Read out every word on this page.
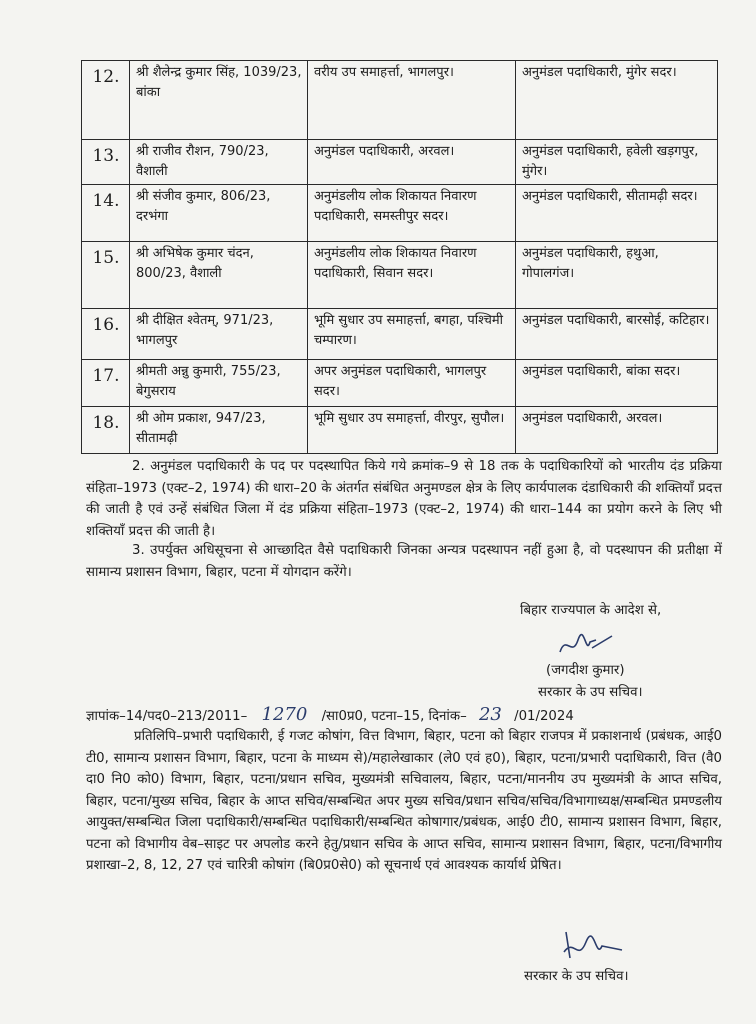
12.	श्री शैलेन्द्र कुमार सिंह, 1039/23, बांका	वरीय उप समाहर्त्ता, भागलपुर।	अनुमंडल पदाधिकारी, मुंगेर सदर।
13.	श्री राजीव रौशन, 790/23, वैशाली	अनुमंडल पदाधिकारी, अरवल।	अनुमंडल पदाधिकारी, हवेली खड़गपुर, मुंगेर।
14.	श्री संजीव कुमार, 806/23, दरभंगा	अनुमंडलीय लोक शिकायत निवारण पदाधिकारी, समस्तीपुर सदर।	अनुमंडल पदाधिकारी, सीतामढ़ी सदर।
15.	श्री अभिषेक कुमार चंदन, 800/23, वैशाली	अनुमंडलीय लोक शिकायत निवारण पदाधिकारी, सिवान सदर।	अनुमंडल पदाधिकारी, हथुआ, गोपालगंज।
16.	श्री दीक्षित श्वेतम्, 971/23, भागलपुर	भूमि सुधार उप समाहर्त्ता, बगहा, पश्चिमी चम्पारण।	अनुमंडल पदाधिकारी, बारसोई, कटिहार।
17.	श्रीमती अन्नु कुमारी, 755/23, बेगुसराय	अपर अनुमंडल पदाधिकारी, भागलपुर सदर।	अनुमंडल पदाधिकारी, बांका सदर।
18.	श्री ओम प्रकाश, 947/23, सीतामढ़ी	भूमि सुधार उप समाहर्त्ता, वीरपुर, सुपौल।	अनुमंडल पदाधिकारी, अरवल।
2. अनुमंडल पदाधिकारी के पद पर पदस्थापित किये गये क्रमांक–9 से 18 तक के पदाधिकारियों को भारतीय दंड प्रक्रिया संहिता–1973 (एक्ट–2, 1974) की धारा–20 के अंतर्गत संबंधित अनुमण्डल क्षेत्र के लिए कार्यपालक दंडाधिकारी की शक्तियाँ प्रदत्त की जाती है एवं उन्हें संबंधित जिला में दंड प्रक्रिया संहिता–1973 (एक्ट–2, 1974) की धारा–144 का प्रयोग करने के लिए भी शक्तियाँ प्रदत्त की जाती है।
3. उपर्युक्त अधिसूचना से आच्छादित वैसे पदाधिकारी जिनका अन्यत्र पदस्थापन नहीं हुआ है, वो पदस्थापन की प्रतीक्षा में सामान्य प्रशासन विभाग, बिहार, पटना में योगदान करेंगे।
बिहार राज्यपाल के आदेश से,
(जगदीश कुमार)
सरकार के उप सचिव।
ज्ञापांक–14/पद0–213/2011– 1270 /सा0प्र0, पटना–15, दिनांक– 23 /01/2024
प्रतिलिपि–प्रभारी पदाधिकारी, ई गजट कोषांग, वित्त विभाग, बिहार, पटना को बिहार राजपत्र में प्रकाशनार्थ (प्रबंधक, आई0 टी0, सामान्य प्रशासन विभाग, बिहार, पटना के माध्यम से)/महालेखाकार (ले0 एवं ह0), बिहार, पटना/प्रभारी पदाधिकारी, वित्त (वै0 दा0 नि0 को0) विभाग, बिहार, पटना/प्रधान सचिव, मुख्यमंत्री सचिवालय, बिहार, पटना/माननीय उप मुख्यमंत्री के आप्त सचिव, बिहार, पटना/मुख्य सचिव, बिहार के आप्त सचिव/सम्बन्धित अपर मुख्य सचिव/प्रधान सचिव/सचिव/विभागाध्यक्ष/सम्बन्धित प्रमण्डलीय आयुक्त/सम्बन्धित जिला पदाधिकारी/सम्बन्धित पदाधिकारी/सम्बन्धित कोषागार/प्रबंधक, आई0 टी0, सामान्य प्रशासन विभाग, बिहार, पटना को विभागीय वेब–साइट पर अपलोड करने हेतु/प्रधान सचिव के आप्त सचिव, सामान्य प्रशासन विभाग, बिहार, पटना/विभागीय प्रशाखा–2, 8, 12, 27 एवं चारित्री कोषांग (बि0प्र0से0) को सूचनार्थ एवं आवश्यक कार्यार्थ प्रेषित।
सरकार के उप सचिव।
